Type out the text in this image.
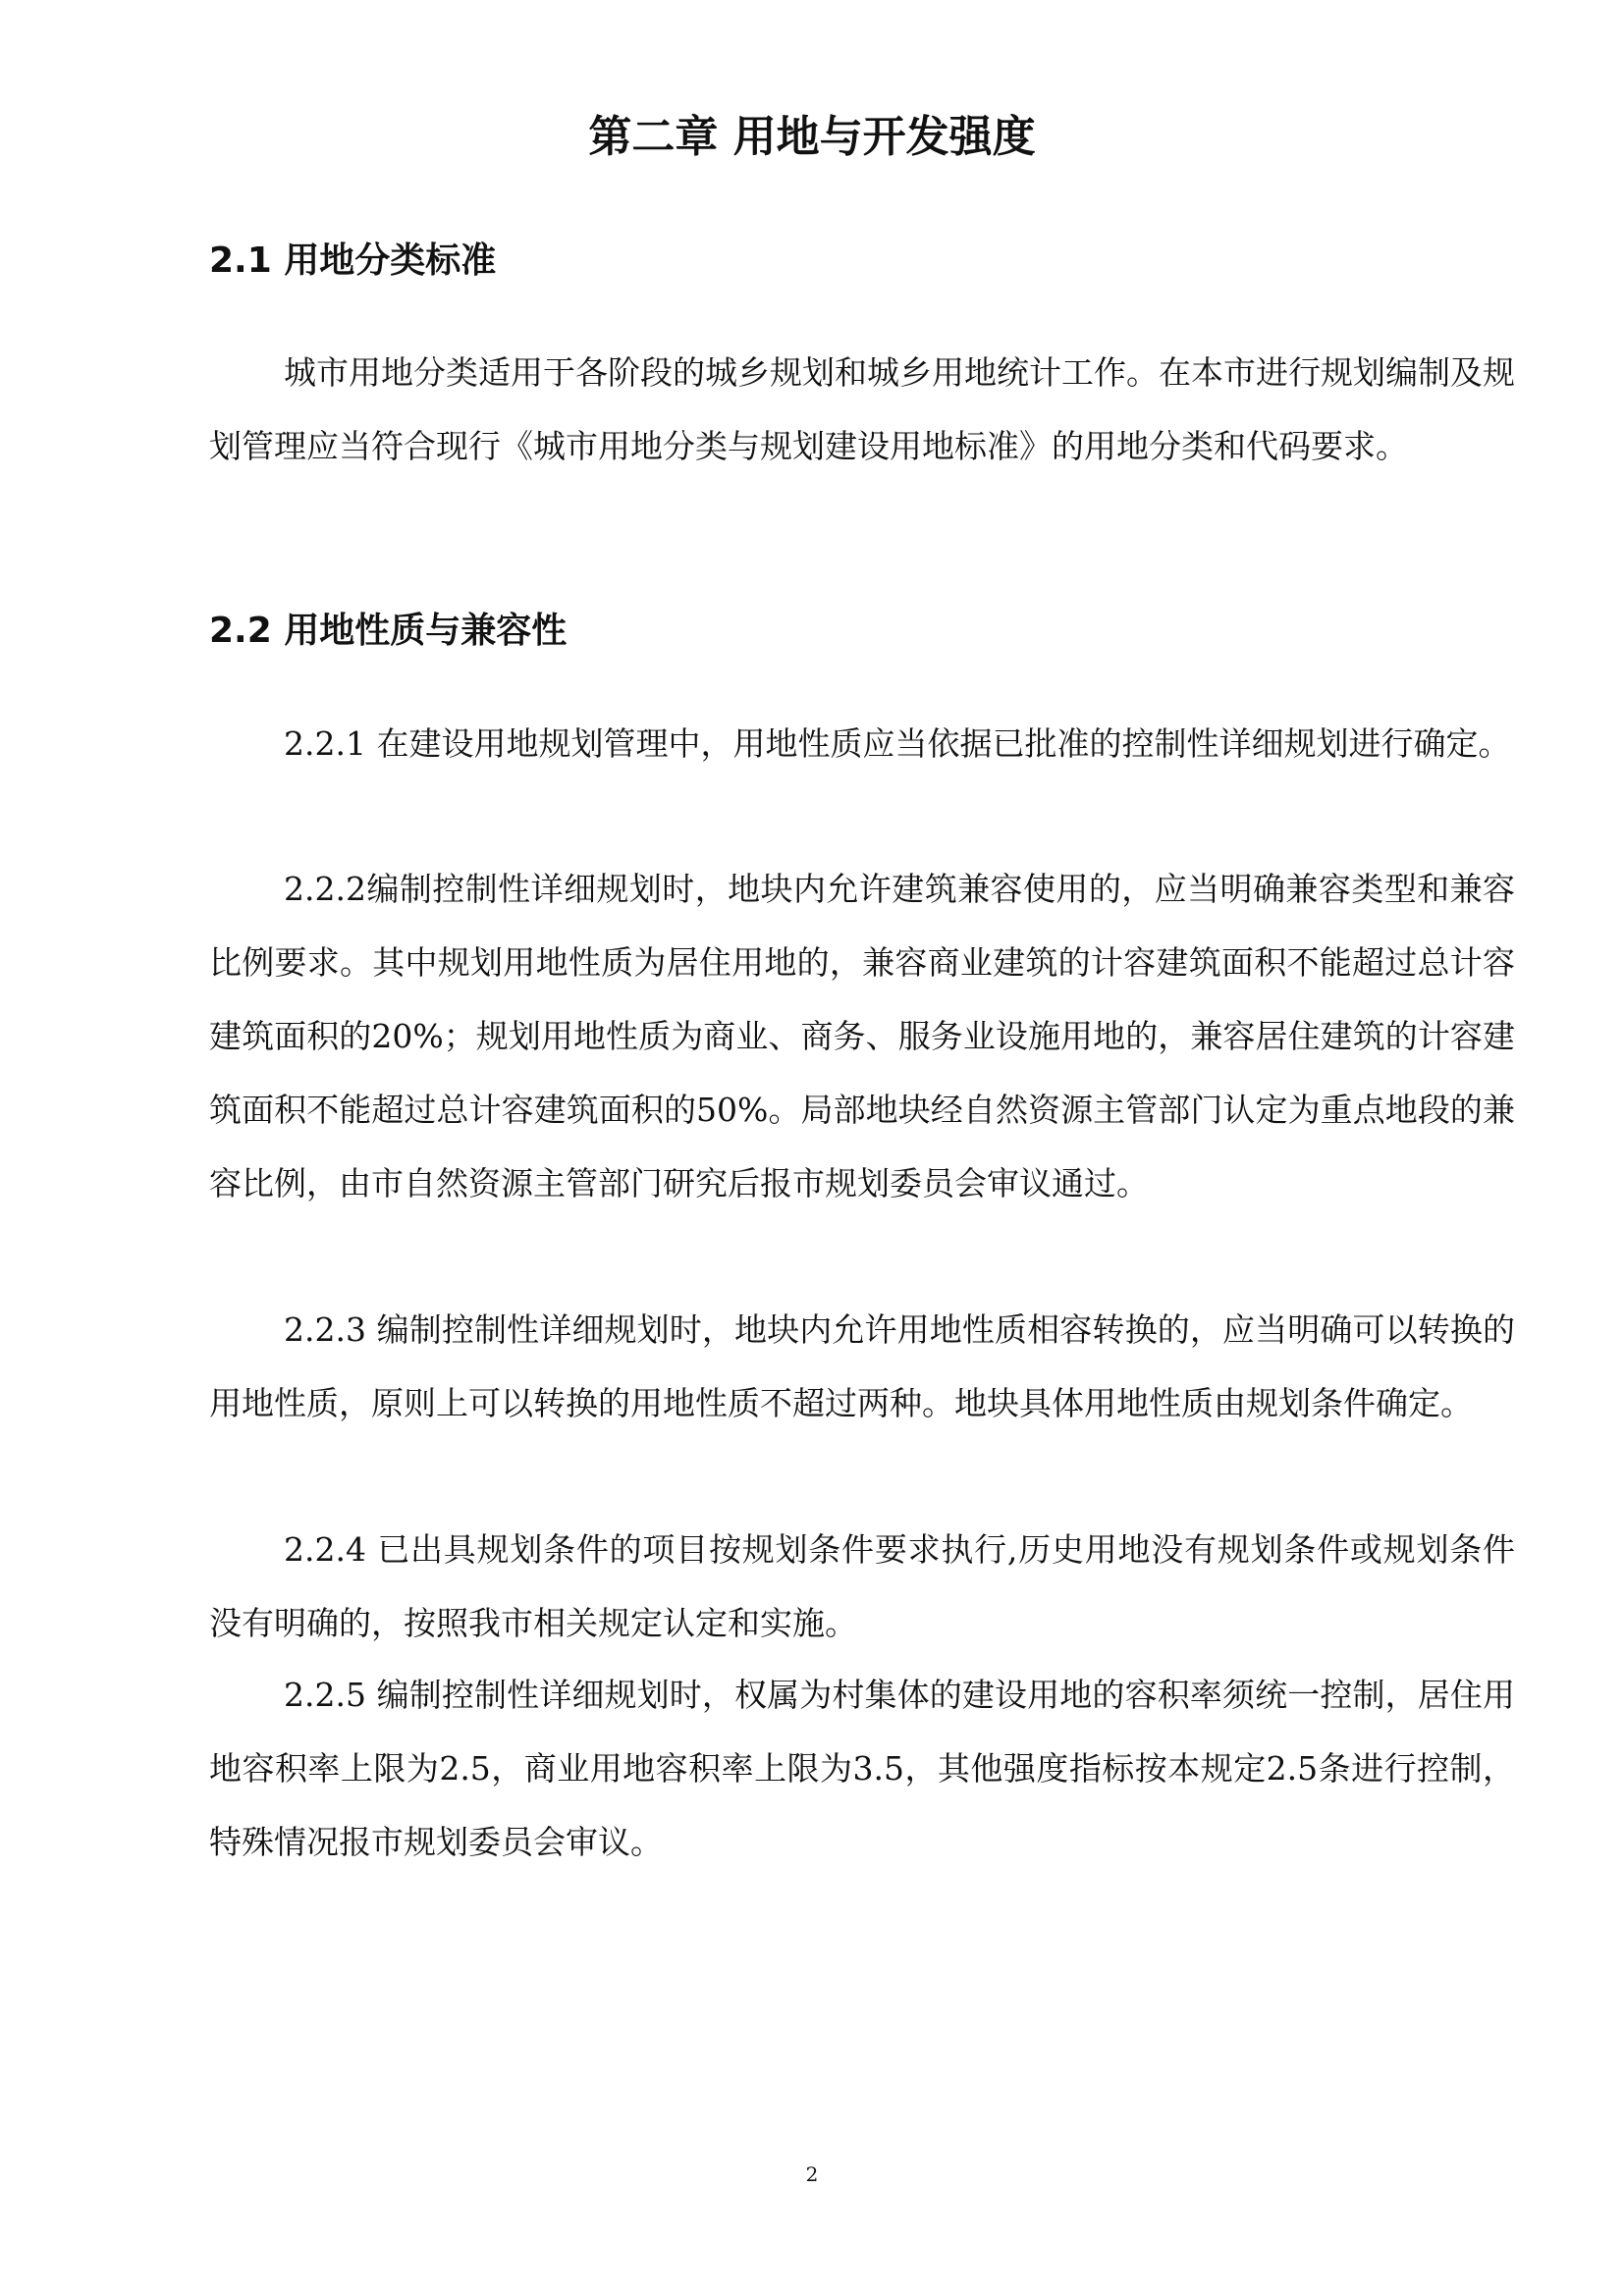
第二章 用地与开发强度
2.1 用地分类标准

城市用地分类适用于各阶段的城乡规划和城乡用地统计工作。在本市进行规划编制及规划管理应当符合现行《城市用地分类与规划建设用地标准》的用地分类和代码要求。

2.2 用地性质与兼容性

2.2.1 在建设用地规划管理中，用地性质应当依据已批准的控制性详细规划进行确定。

2.2.2编制控制性详细规划时，地块内允许建筑兼容使用的，应当明确兼容类型和兼容比例要求。其中规划用地性质为居住用地的，兼容商业建筑的计容建筑面积不能超过总计容建筑面积的20%；规划用地性质为商业、商务、服务业设施用地的，兼容居住建筑的计容建筑面积不能超过总计容建筑面积的50%。局部地块经自然资源主管部门认定为重点地段的兼容比例，由市自然资源主管部门研究后报市规划委员会审议通过。

2.2.3 编制控制性详细规划时，地块内允许用地性质相容转换的，应当明确可以转换的用地性质，原则上可以转换的用地性质不超过两种。地块具体用地性质由规划条件确定。

2.2.4 已出具规划条件的项目按规划条件要求执行,历史用地没有规划条件或规划条件没有明确的，按照我市相关规定认定和实施。

2.2.5 编制控制性详细规划时，权属为村集体的建设用地的容积率须统一控制，居住用地容积率上限为2.5，商业用地容积率上限为3.5，其他强度指标按本规定2.5条进行控制，特殊情况报市规划委员会审议。

2
